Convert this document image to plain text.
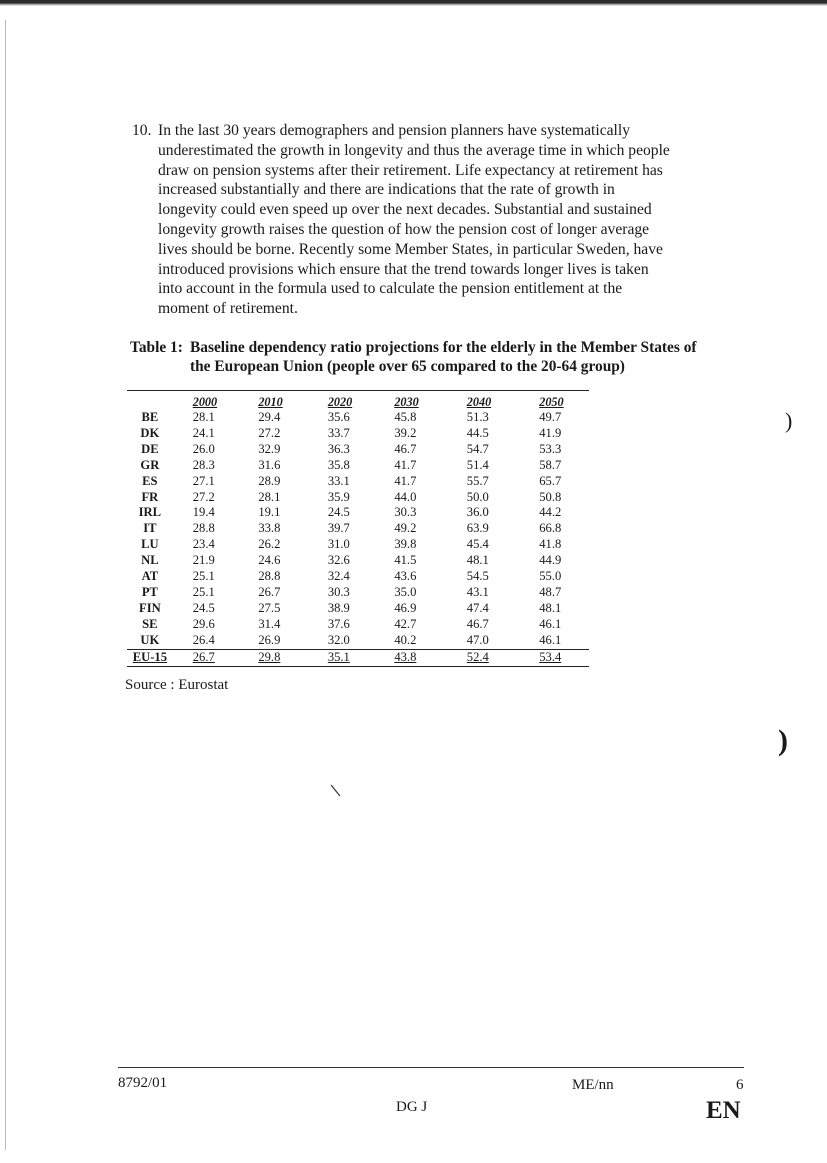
10. In the last 30 years demographers and pension planners have systematically
underestimated the growth in longevity and thus the average time in which people
draw on pension systems after their retirement. Life expectancy at retirement has
increased substantially and there are indications that the rate of growth in
longevity could even speed up over the next decades. Substantial and sustained
longevity growth raises the question of how the pension cost of longer average
lives should be borne. Recently some Member States, in particular Sweden, have
introduced provisions which ensure that the trend towards longer lives is taken
into account in the formula used to calculate the pension entitlement at the
moment of retirement.
Table 1: Baseline dependency ratio projections for the elderly in the Member States of
the European Union (people over 65 compared to the 20-64 group)
	2000	2010	2020	2030	2040	2050
BE	28.1	29.4	35.6	45.8	51.3	49.7
DK	24.1	27.2	33.7	39.2	44.5	41.9
DE	26.0	32.9	36.3	46.7	54.7	53.3
GR	28.3	31.6	35.8	41.7	51.4	58.7
ES	27.1	28.9	33.1	41.7	55.7	65.7
FR	27.2	28.1	35.9	44.0	50.0	50.8
IRL	19.4	19.1	24.5	30.3	36.0	44.2
IT	28.8	33.8	39.7	49.2	63.9	66.8
LU	23.4	26.2	31.0	39.8	45.4	41.8
NL	21.9	24.6	32.6	41.5	48.1	44.9
AT	25.1	28.8	32.4	43.6	54.5	55.0
PT	25.1	26.7	30.3	35.0	43.1	48.7
FIN	24.5	27.5	38.9	46.9	47.4	48.1
SE	29.6	31.4	37.6	42.7	46.7	46.1
UK	26.4	26.9	32.0	40.2	47.0	46.1
EU-15	26.7	29.8	35.1	43.8	52.4	53.4
Source : Eurostat
)
)
8792/01	ME/nn	6
DG J	EN
